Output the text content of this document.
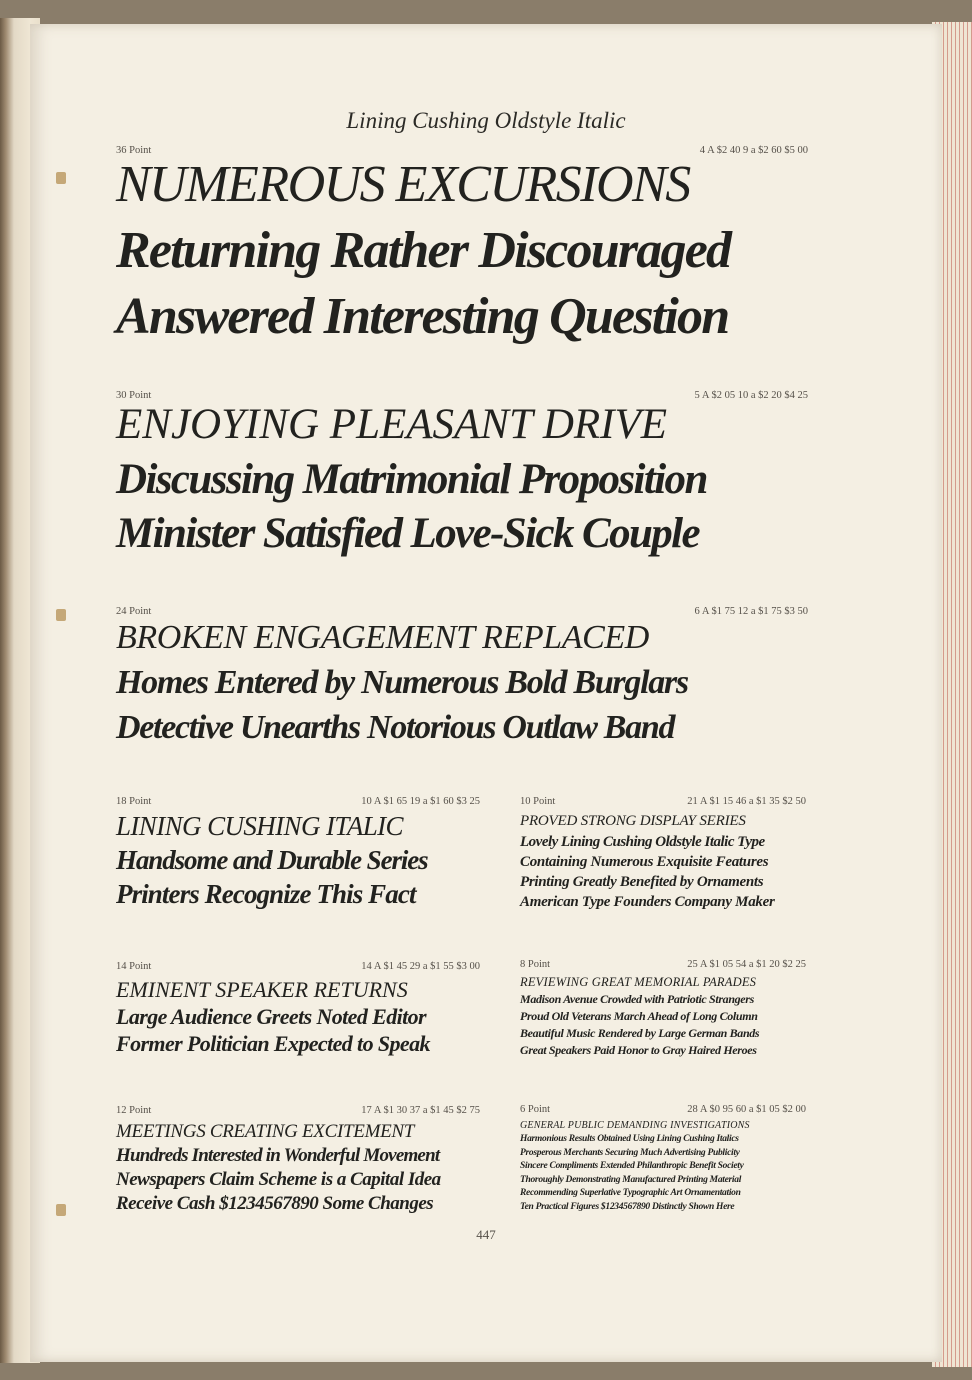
Lining Cushing Oldstyle Italic
36 Point	4 A $2 40 9 a $2 60 $5 00
NUMEROUS EXCURSIONS
Returning Rather Discouraged
Answered Interesting Question
30 Point	5 A $2 05 10 a $2 20 $4 25
ENJOYING PLEASANT DRIVE
Discussing Matrimonial Proposition
Minister Satisfied Love-Sick Couple
24 Point	6 A $1 75 12 a $1 75 $3 50
BROKEN ENGAGEMENT REPLACED
Homes Entered by Numerous Bold Burglars
Detective Unearths Notorious Outlaw Band
18 Point	10 A $1 65 19 a $1 60 $3 25
LINING CUSHING ITALIC
Handsome and Durable Series
Printers Recognize This Fact
10 Point	21 A $1 15 46 a $1 35 $2 50
PROVED STRONG DISPLAY SERIES
Lovely Lining Cushing Oldstyle Italic Type
Containing Numerous Exquisite Features
Printing Greatly Benefited by Ornaments
American Type Founders Company Maker
14 Point	14 A $1 45 29 a $1 55 $3 00
EMINENT SPEAKER RETURNS
Large Audience Greets Noted Editor
Former Politician Expected to Speak
8 Point	25 A $1 05 54 a $1 20 $2 25
REVIEWING GREAT MEMORIAL PARADES
Madison Avenue Crowded with Patriotic Strangers
Proud Old Veterans March Ahead of Long Column
Beautiful Music Rendered by Large German Bands
Great Speakers Paid Honor to Gray Haired Heroes
12 Point	17 A $1 30 37 a $1 45 $2 75
MEETINGS CREATING EXCITEMENT
Hundreds Interested in Wonderful Movement
Newspapers Claim Scheme is a Capital Idea
Receive Cash $1234567890 Some Changes
6 Point	28 A $0 95 60 a $1 05 $2 00
GENERAL PUBLIC DEMANDING INVESTIGATIONS
Harmonious Results Obtained Using Lining Cushing Italics
Prosperous Merchants Securing Much Advertising Publicity
Sincere Compliments Extended Philanthropic Benefit Society
Thoroughly Demonstrating Manufactured Printing Material
Recommending Superlative Typographic Art Ornamentation
Ten Practical Figures $1234567890 Distinctly Shown Here
447
